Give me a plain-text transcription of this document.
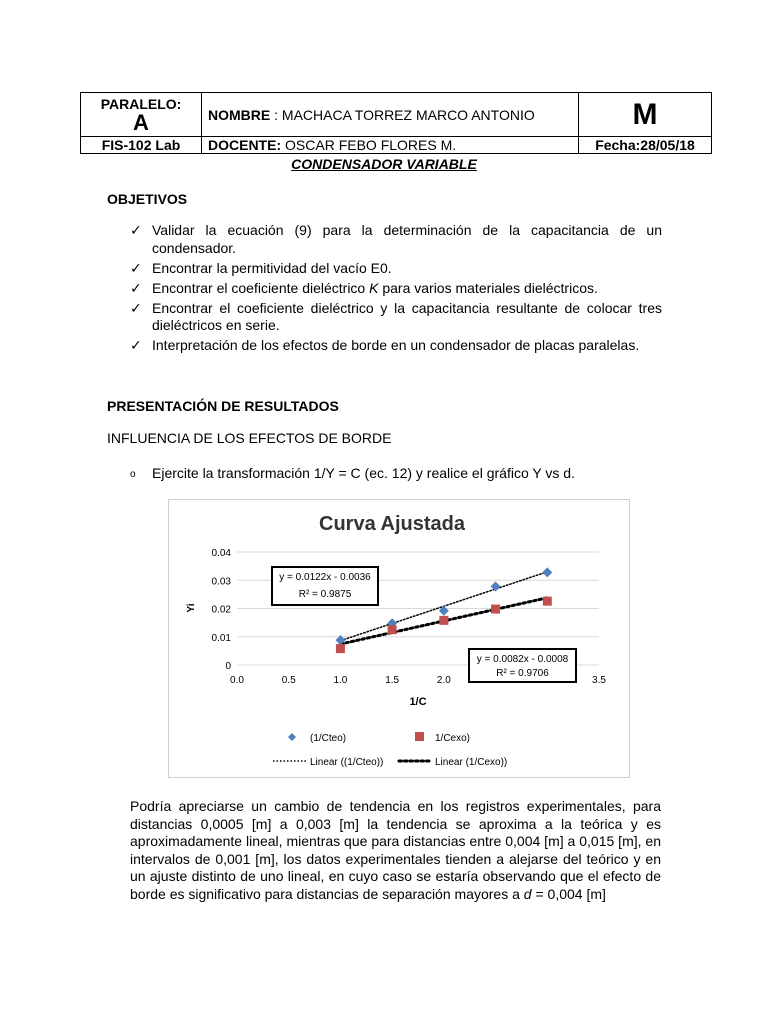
PARALELO:
A	NOMBRE : MACHACA TORREZ MARCO ANTONIO	M
FIS-102 Lab	DOCENTE: OSCAR FEBO FLORES M.	Fecha:28/05/18
CONDENSADOR VARIABLE
OBJETIVOS
✓ Validar la ecuación (9) para la determinación de la capacitancia de un condensador.
✓ Encontrar la permitividad del vacío E0.
✓ Encontrar el coeficiente dieléctrico K para varios materiales dieléctricos.
✓ Encontrar el coeficiente dieléctrico y la capacitancia resultante de colocar tres dieléctricos en serie.
✓ Interpretación de los efectos de borde en un condensador de placas paralelas.
PRESENTACIÓN DE RESULTADOS
INFLUENCIA DE LOS EFECTOS DE BORDE
o Ejercite la transformación 1/Y = C (ec. 12) y realice el gráfico Y vs d.
Curva Ajustada
Yi
1/C
0
0.01
0.02
0.03
0.04
0.0	0.5	1.0	1.5	2.0	3.5
y = 0.0122x - 0.0036
R² = 0.9875
y = 0.0082x - 0.0008
R² = 0.9706
(1/Cteo)	1/Cexo)
Linear ((1/Cteo))	Linear (1/Cexo))
Podría apreciarse un cambio de tendencia en los registros experimentales, para distancias 0,0005 [m] a 0,003 [m] la tendencia se aproxima a la teórica y es aproximadamente lineal, mientras que para distancias entre 0,004 [m] a 0,015 [m], en intervalos de 0,001 [m], los datos experimentales tienden a alejarse del teórico y en un ajuste distinto de uno lineal, en cuyo caso se estaría observando que el efecto de borde es significativo para distancias de separación mayores a d = 0,004 [m]
